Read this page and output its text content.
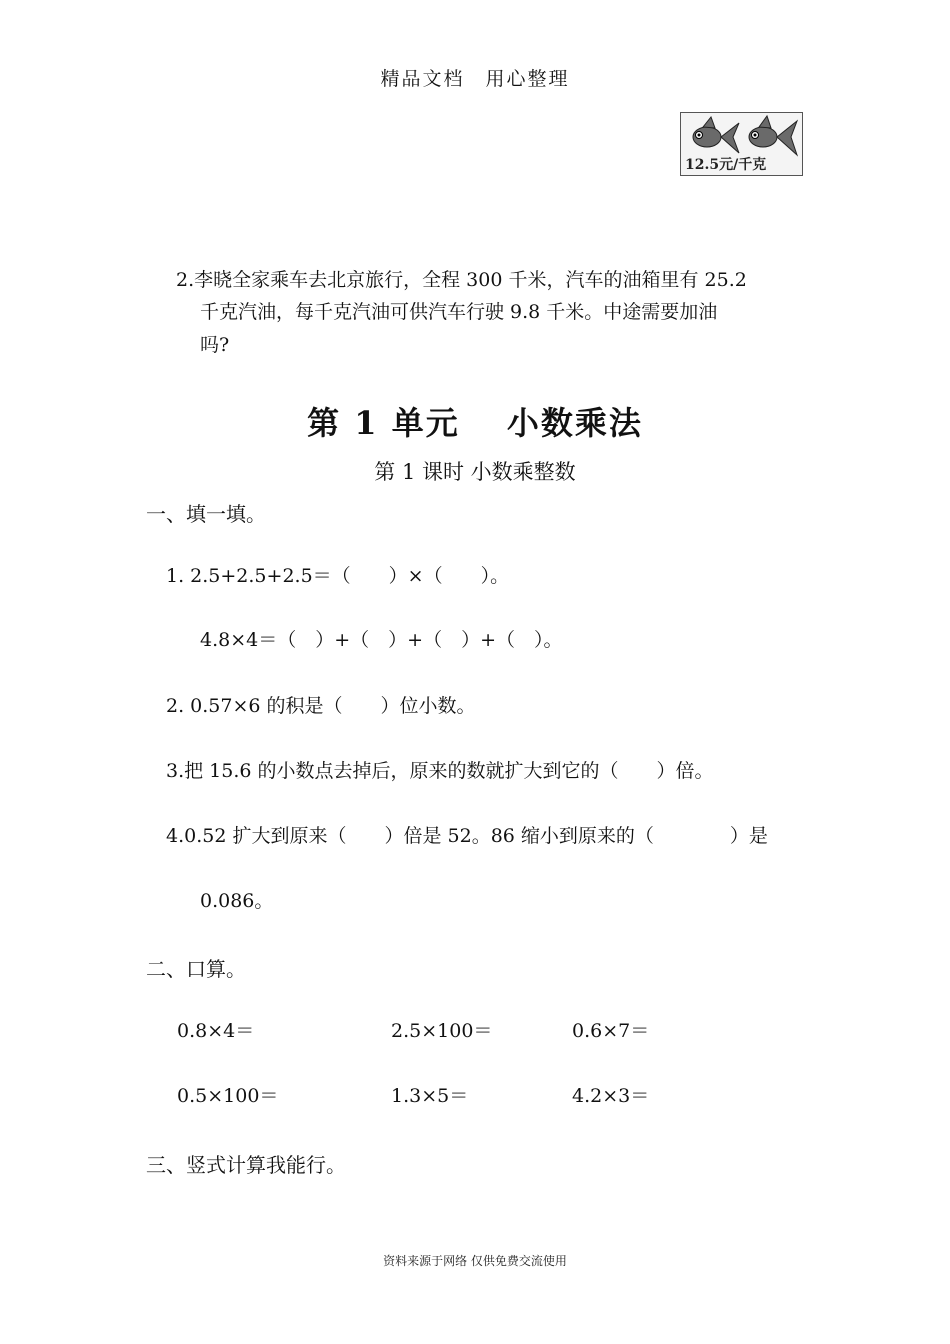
精品文档　用心整理
12.5元/千克
2.李晓全家乘车去北京旅行，全程 300 千米，汽车的油箱里有 25.2
千克汽油，每千克汽油可供汽车行驶 9.8 千米。中途需要加油
吗?
第 1 单元　 小数乘法
第 1 课时 小数乘整数
一、填一填。
1. 2.5+2.5+2.5＝（　　）×（　　）。
4.8×4＝（　）+（　）+（　）+（　）。
2. 0.57×6 的积是（　　）位小数。
3.把 15.6 的小数点去掉后，原来的数就扩大到它的（　　）倍。
4.0.52 扩大到原来（　　）倍是 52。86 缩小到原来的（　　　　）是
0.086。
二、口算。
0.8×4＝	2.5×100＝	0.6×7＝
0.5×100＝	1.3×5＝	4.2×3＝
三、竖式计算我能行。
资料来源于网络 仅供免费交流使用
